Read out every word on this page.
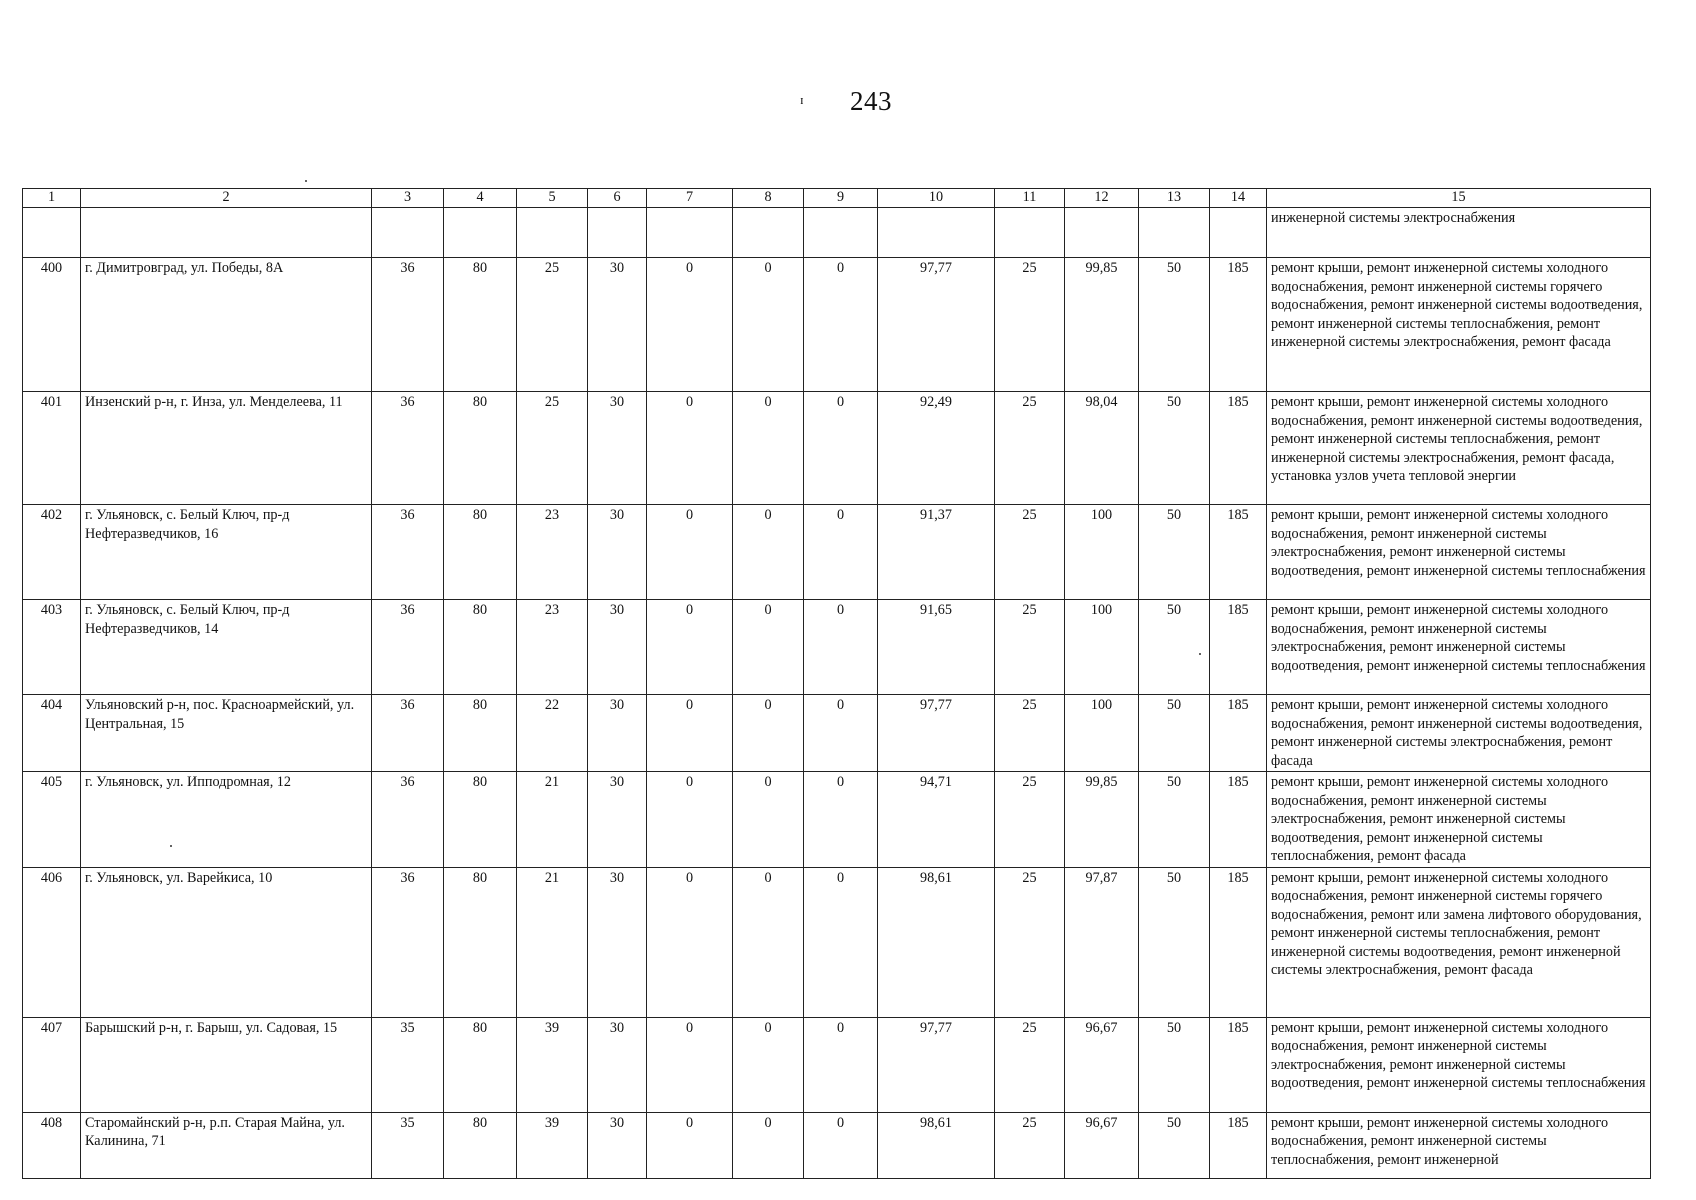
ɪ 243
1	2	3	4	5	6	7	8	9	10	11	12	13	14	15
														инженерной системы электроснабжения
400	г. Димитровград, ул. Победы, 8А	36	80	25	30	0	0	0	97,77	25	99,85	50	185	ремонт крыши, ремонт инженерной системы холодного водоснабжения, ремонт инженерной системы горячего водоснабжения, ремонт инженерной системы водоотведения, ремонт инженерной системы теплоснабжения, ремонт инженерной системы электроснабжения, ремонт фасада
401	Инзенский р-н, г. Инза, ул. Менделеева, 11	36	80	25	30	0	0	0	92,49	25	98,04	50	185	ремонт крыши, ремонт инженерной системы холодного водоснабжения, ремонт инженерной системы водоотведения, ремонт инженерной системы теплоснабжения, ремонт инженерной системы электроснабжения, ремонт фасада, установка узлов учета тепловой энергии
402	г. Ульяновск, с. Белый Ключ, пр-д Нефтеразведчиков, 16	36	80	23	30	0	0	0	91,37	25	100	50	185	ремонт крыши, ремонт инженерной системы холодного водоснабжения, ремонт инженерной системы электроснабжения, ремонт инженерной системы водоотведения, ремонт инженерной системы теплоснабжения
403	г. Ульяновск, с. Белый Ключ, пр-д Нефтеразведчиков, 14	36	80	23	30	0	0	0	91,65	25	100	50	185	ремонт крыши, ремонт инженерной системы холодного водоснабжения, ремонт инженерной системы электроснабжения, ремонт инженерной системы водоотведения, ремонт инженерной системы теплоснабжения
404	Ульяновский р-н, пос. Красноармейский, ул. Центральная, 15	36	80	22	30	0	0	0	97,77	25	100	50	185	ремонт крыши, ремонт инженерной системы холодного водоснабжения, ремонт инженерной системы водоотведения, ремонт инженерной системы электроснабжения, ремонт фасада
405	г. Ульяновск, ул. Ипподромная, 12	36	80	21	30	0	0	0	94,71	25	99,85	50	185	ремонт крыши, ремонт инженерной системы холодного водоснабжения, ремонт инженерной системы электроснабжения, ремонт инженерной системы водоотведения, ремонт инженерной системы теплоснабжения, ремонт фасада
406	г. Ульяновск, ул. Варейкиса, 10	36	80	21	30	0	0	0	98,61	25	97,87	50	185	ремонт крыши, ремонт инженерной системы холодного водоснабжения, ремонт инженерной системы горячего водоснабжения, ремонт или замена лифтового оборудования, ремонт инженерной системы теплоснабжения, ремонт инженерной системы водоотведения, ремонт инженерной системы электроснабжения, ремонт фасада
407	Барышский р-н, г. Барыш, ул. Садовая, 15	35	80	39	30	0	0	0	97,77	25	96,67	50	185	ремонт крыши, ремонт инженерной системы холодного водоснабжения, ремонт инженерной системы электроснабжения, ремонт инженерной системы водоотведения, ремонт инженерной системы теплоснабжения
408	Старомайнский р-н, р.п. Старая Майна, ул. Калинина, 71	35	80	39	30	0	0	0	98,61	25	96,67	50	185	ремонт крыши, ремонт инженерной системы холодного водоснабжения, ремонт инженерной системы теплоснабжения, ремонт инженерной
